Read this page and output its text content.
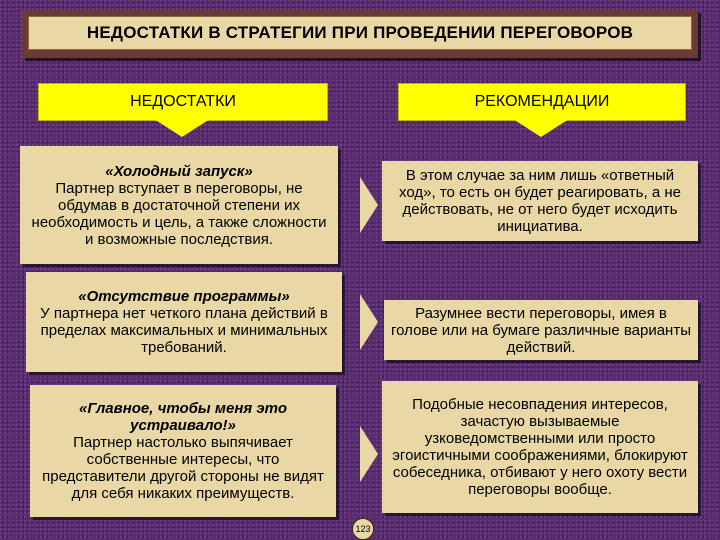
НЕДОСТАТКИ В СТРАТЕГИИ ПРИ ПРОВЕДЕНИИ ПЕРЕГОВОРОВ
НЕДОСТАТКИ	РЕКОМЕНДАЦИИ
«Холодный запуск»
Партнер вступает в переговоры, не обдумав в достаточной степени их необходимость и цель, а также сложности и возможные последствия.
В этом случае за ним лишь «ответный ход», то есть он будет реагировать, а не действовать, не от него будет исходить инициатива.
«Отсутствие программы»
У партнера нет четкого плана действий в пределах максимальных и минимальных требований.
Разумнее вести переговоры, имея в голове или на бумаге различные варианты действий.
«Главное, чтобы меня это устраивало!»
Партнер настолько выпячивает собственные интересы, что представители другой стороны не видят для себя никаких преимуществ.
Подобные несовпадения интересов, зачастую вызываемые узковедомственными или просто эгоистичными соображениями, блокируют собеседника, отбивают у него охоту вести переговоры вообще.
123
